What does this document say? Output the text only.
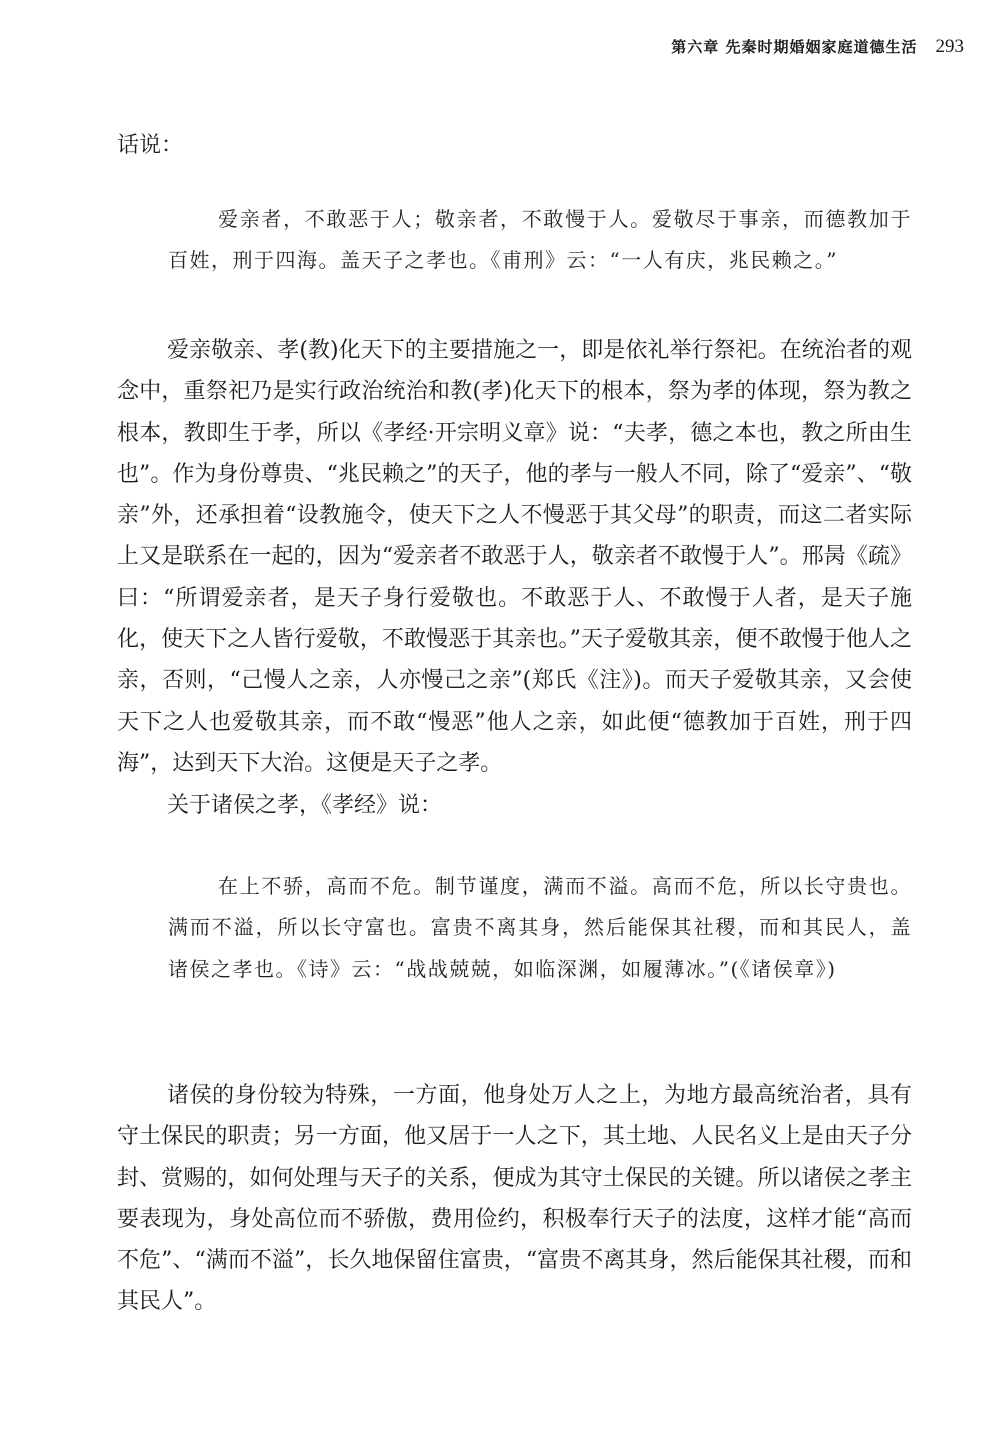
第六章 先秦时期婚姻家庭道德生活 293

话说：

爱亲者，不敢恶于人；敬亲者，不敢慢于人。爱敬尽于事亲，而德教加于百姓，刑于四海。盖天子之孝也。《甫刑》云：“一人有庆，兆民赖之。”

爱亲敬亲、孝(教)化天下的主要措施之一，即是依礼举行祭祀。在统治者的观念中，重祭祀乃是实行政治统治和教(孝)化天下的根本，祭为孝的体现，祭为教之根本，教即生于孝，所以《孝经·开宗明义章》说：“夫孝，德之本也，教之所由生也”。作为身份尊贵、“兆民赖之”的天子，他的孝与一般人不同，除了“爱亲”、“敬亲”外，还承担着“设教施令，使天下之人不慢恶于其父母”的职责，而这二者实际上又是联系在一起的，因为“爱亲者不敢恶于人，敬亲者不敢慢于人”。邢昺《疏》曰：“所谓爱亲者，是天子身行爱敬也。不敢恶于人、不敢慢于人者，是天子施化，使天下之人皆行爱敬，不敢慢恶于其亲也。”天子爱敬其亲，便不敢慢于他人之亲，否则，“己慢人之亲，人亦慢己之亲”(郑氏《注》)。而天子爱敬其亲，又会使天下之人也爱敬其亲，而不敢“慢恶”他人之亲，如此便“德教加于百姓，刑于四海”，达到天下大治。这便是天子之孝。

关于诸侯之孝，《孝经》说：

在上不骄，高而不危。制节谨度，满而不溢。高而不危，所以长守贵也。满而不溢，所以长守富也。富贵不离其身，然后能保其社稷，而和其民人，盖诸侯之孝也。《诗》云：“战战兢兢，如临深渊，如履薄冰。”(《诸侯章》)

诸侯的身份较为特殊，一方面，他身处万人之上，为地方最高统治者，具有守土保民的职责；另一方面，他又居于一人之下，其土地、人民名义上是由天子分封、赏赐的，如何处理与天子的关系，便成为其守土保民的关键。所以诸侯之孝主要表现为，身处高位而不骄傲，费用俭约，积极奉行天子的法度，这样才能“高而不危”、“满而不溢”，长久地保留住富贵，“富贵不离其身，然后能保其社稷，而和其民人”。
